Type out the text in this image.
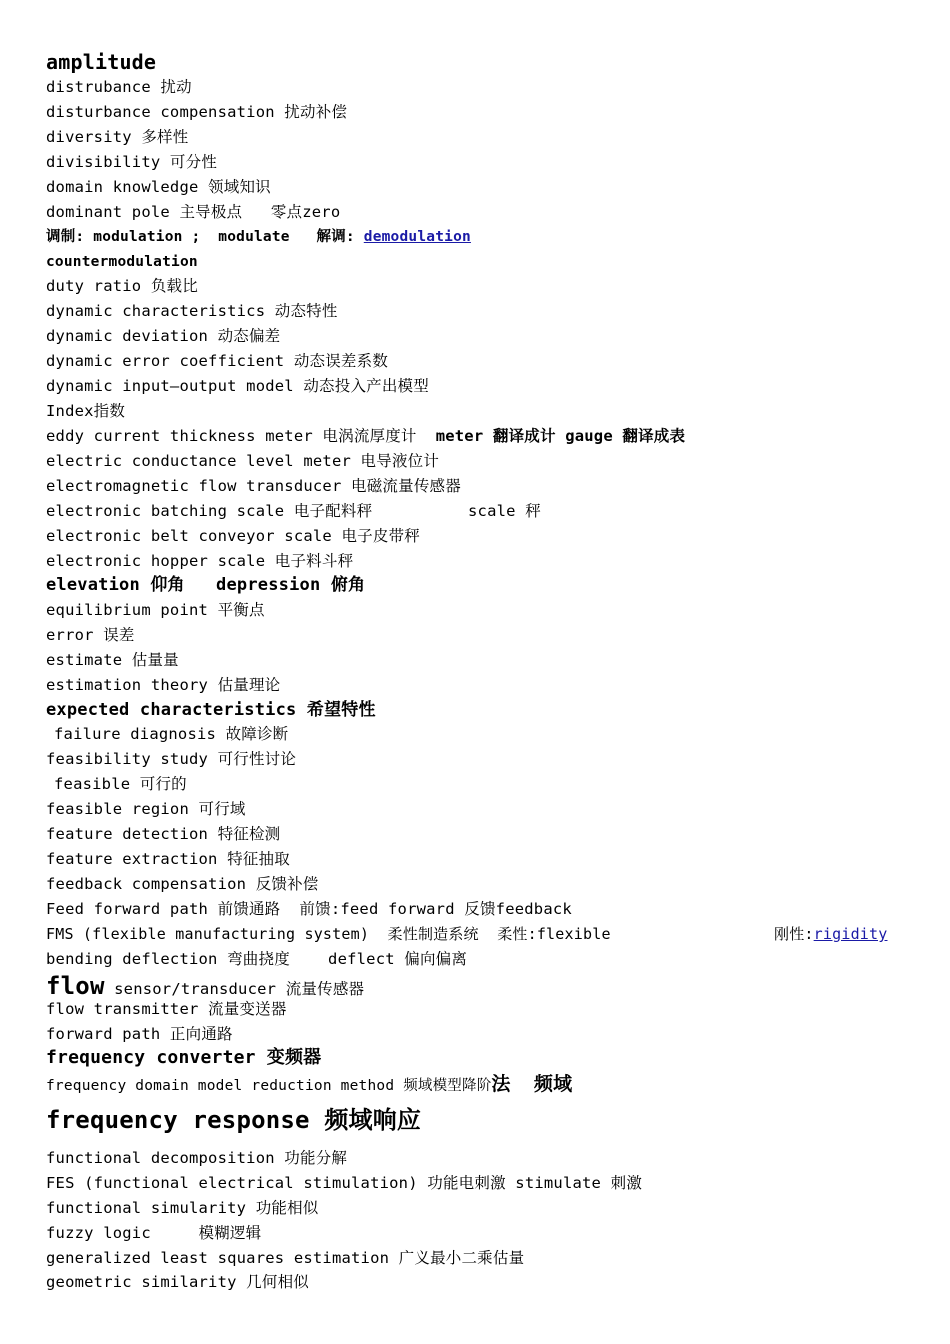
amplitude
distrubance 扰动
disturbance compensation 扰动补偿
diversity 多样性
divisibility 可分性
domain knowledge 领域知识
dominant pole 主导极点   零点zero
调制: modulation ;  modulate   解调: demodulation
countermodulation
duty ratio 负载比
dynamic characteristics 动态特性
dynamic deviation 动态偏差
dynamic error coefficient 动态误差系数
dynamic input—output model 动态投入产出模型
Index指数
eddy current thickness meter 电涡流厚度计  meter 翻译成计 gauge 翻译成表
electric conductance level meter 电导液位计
electromagnetic flow transducer 电磁流量传感器
electronic batching scale 电子配料秤	scale 秤
electronic belt conveyor scale 电子皮带秤
electronic hopper scale 电子料斗秤
elevation 仰角   depression 俯角
equilibrium point 平衡点
error 误差
estimate 估量量
estimation theory 估量理论
expected characteristics 希望特性
failure diagnosis 故障诊断
feasibility study 可行性讨论
feasible 可行的
feasible region 可行域
feature detection 特征检测
feature extraction 特征抽取
feedback compensation 反馈补偿
Feed forward path 前馈通路  前馈:feed forward 反馈feedback
FMS (flexible manufacturing system)  柔性制造系统  柔性:flexible	刚性:rigidity
bending deflection 弯曲挠度    deflect 偏向偏离
flow sensor/transducer 流量传感器
flow transmitter 流量变送器
forward path 正向通路
frequency converter 变频器
frequency domain model reduction method 频域模型降阶法  频域
frequency response 频域响应
functional decomposition 功能分解
FES (functional electrical stimulation) 功能电刺激 stimulate 刺激
functional simularity 功能相似
fuzzy logic     模糊逻辑
generalized least squares estimation 广义最小二乘估量
geometric similarity 几何相似
